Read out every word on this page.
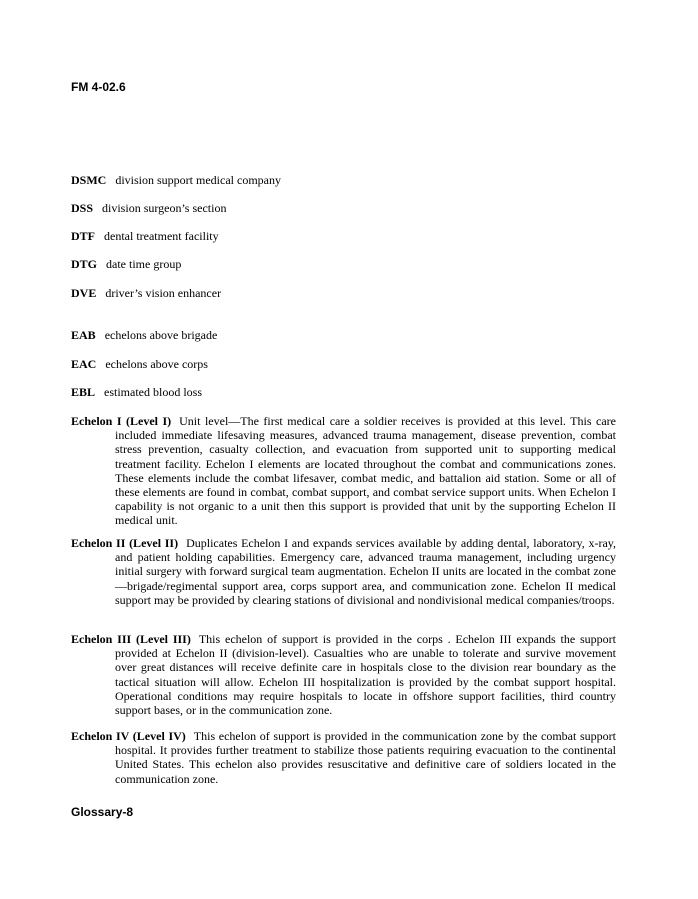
FM 4-02.6
DSMC division support medical company
DSS division surgeon’s section
DTF dental treatment facility
DTG date time group
DVE driver’s vision enhancer
EAB echelons above brigade
EAC echelons above corps
EBL estimated blood loss
Echelon I (Level I) Unit level—The first medical care a soldier receives is provided at this level. This care included immediate lifesaving measures, advanced trauma management, disease prevention, combat stress prevention, casualty collection, and evacuation from supported unit to supporting medical treatment facility. Echelon I elements are located throughout the combat and communications zones. These elements include the combat lifesaver, combat medic, and battalion aid station. Some or all of these elements are found in combat, combat support, and combat service support units. When Echelon I capability is not organic to a unit then this support is provided that unit by the supporting Echelon II medical unit.
Echelon II (Level II) Duplicates Echelon I and expands services available by adding dental, laboratory, x-ray, and patient holding capabilities. Emergency care, advanced trauma management, including urgency initial surgery with forward surgical team augmentation. Echelon II units are located in the combat zone—brigade/regimental support area, corps support area, and communication zone. Echelon II medical support may be provided by clearing stations of divisional and nondivisional medical companies/troops.
Echelon III (Level III) This echelon of support is provided in the corps . Echelon III expands the support provided at Echelon II (division-level). Casualties who are unable to tolerate and survive movement over great distances will receive definite care in hospitals close to the division rear boundary as the tactical situation will allow. Echelon III hospitalization is provided by the combat support hospital. Operational conditions may require hospitals to locate in offshore support facilities, third country support bases, or in the communication zone.
Echelon IV (Level IV) This echelon of support is provided in the communication zone by the combat support hospital. It provides further treatment to stabilize those patients requiring evacuation to the continental United States. This echelon also provides resuscitative and definitive care of soldiers located in the communication zone.
Glossary-8
